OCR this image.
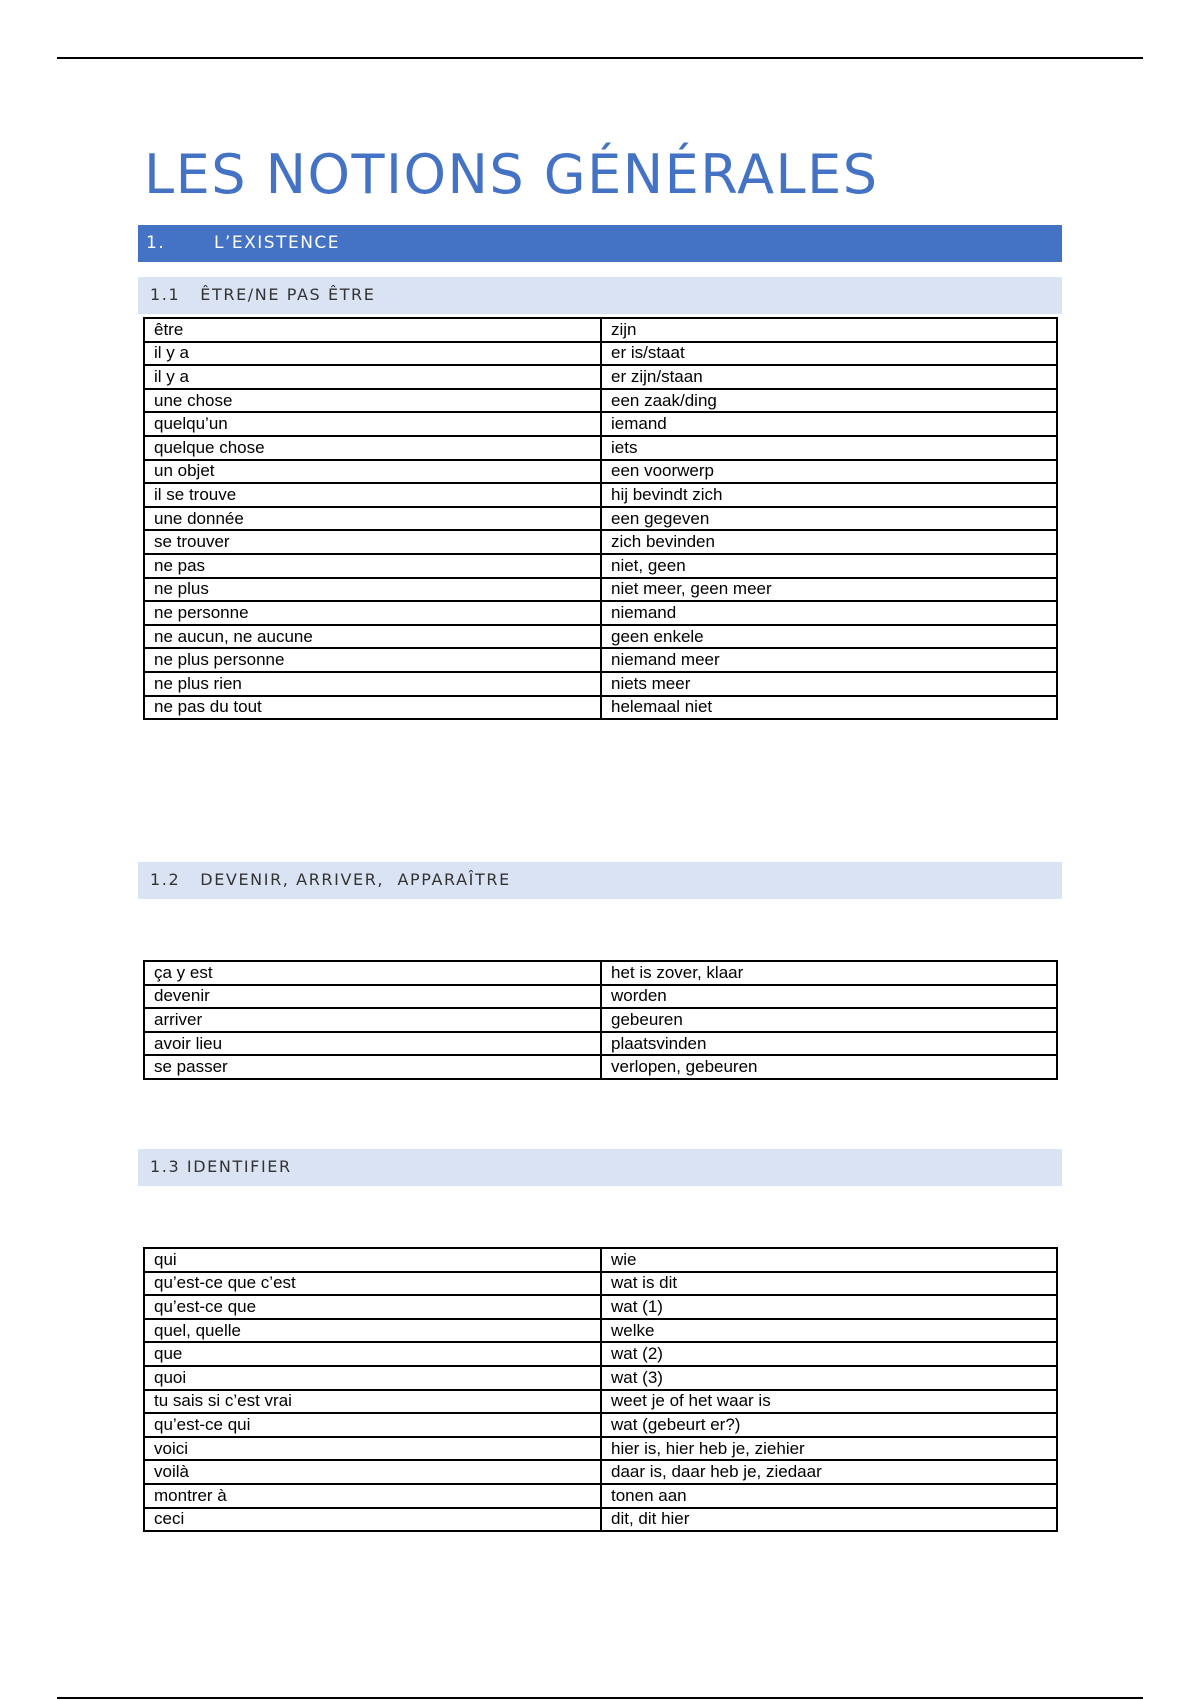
LES NOTIONS GÉNÉRALES
1.	L’EXISTENCE
1.1   ÊTRE/NE PAS ÊTRE
être	zijn
il y a	er is/staat
il y a	er zijn/staan
une chose	een zaak/ding
quelqu’un	iemand
quelque chose	iets
un objet	een voorwerp
il se trouve	hij bevindt zich
une donnée	een gegeven
se trouver	zich bevinden
ne pas	niet, geen
ne plus	niet meer, geen meer
ne personne	niemand
ne aucun, ne aucune	geen enkele
ne plus personne	niemand meer
ne plus rien	niets meer
ne pas du tout	helemaal niet
1.2   DEVENIR, ARRIVER,  APPARAÎTRE
ça y est	het is zover, klaar
devenir	worden
arriver	gebeuren
avoir lieu	plaatsvinden
se passer	verlopen, gebeuren
1.3 IDENTIFIER
qui	wie
qu’est-ce que c’est	wat is dit
qu’est-ce que	wat (1)
quel, quelle	welke
que	wat (2)
quoi	wat (3)
tu sais si c’est vrai	weet je of het waar is
qu’est-ce qui	wat (gebeurt er?)
voici	hier is, hier heb je, ziehier
voilà	daar is, daar heb je, ziedaar
montrer à	tonen aan
ceci	dit, dit hier
